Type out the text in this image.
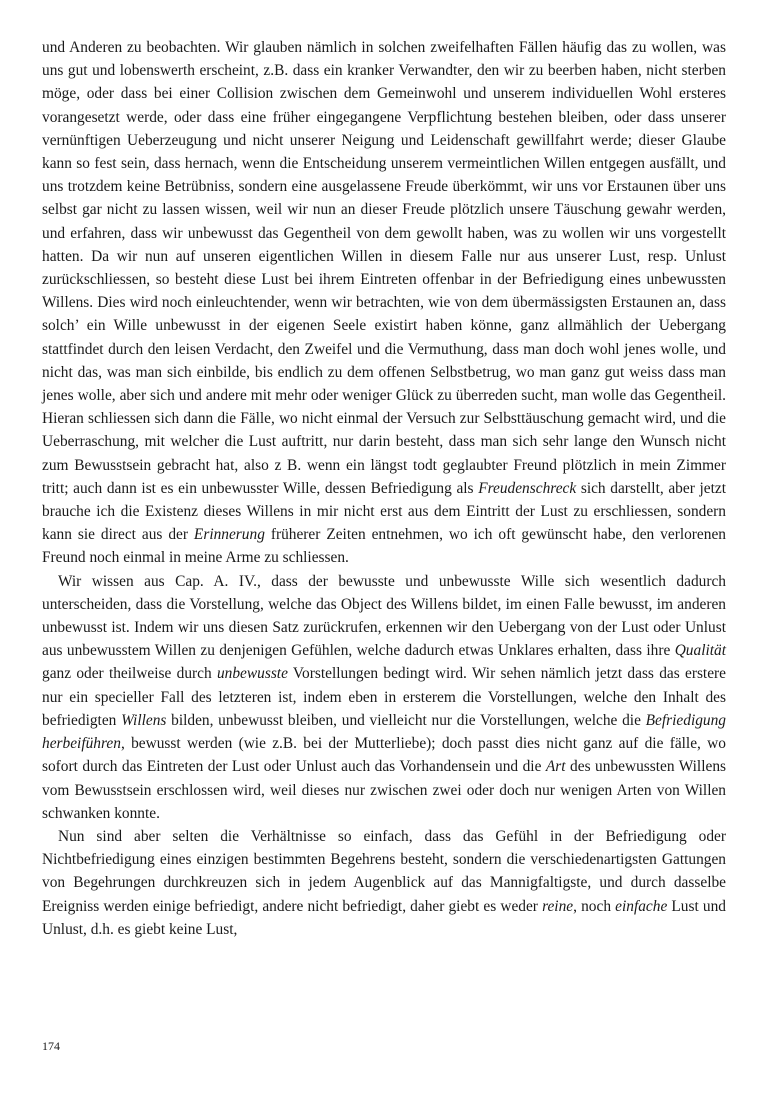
und Anderen zu beobachten. Wir glauben nämlich in solchen zweifelhaften Fällen häufig das zu wollen, was uns gut und lobenswerth erscheint, z.B. dass ein kranker Verwandter, den wir zu beerben haben, nicht sterben möge, oder dass bei einer Collision zwischen dem Gemeinwohl und unserem individuellen Wohl ersteres vorangesetzt werde, oder dass eine früher eingegangene Verpflichtung bestehen bleiben, oder dass unserer vernünftigen Ueberzeugung und nicht unserer Neigung und Leidenschaft gewillfahrt werde; dieser Glaube kann so fest sein, dass hernach, wenn die Entscheidung unserem vermeintlichen Willen entgegen ausfällt, und uns trotzdem keine Betrübniss, sondern eine ausgelassene Freude überkömmt, wir uns vor Erstaunen über uns selbst gar nicht zu lassen wissen, weil wir nun an dieser Freude plötzlich unsere Täuschung gewahr werden, und erfahren, dass wir unbewusst das Gegentheil von dem gewollt haben, was zu wollen wir uns vorgestellt hatten. Da wir nun auf unseren eigentlichen Willen in diesem Falle nur aus unserer Lust, resp. Unlust zurückschliessen, so besteht diese Lust bei ihrem Eintreten offenbar in der Befriedigung eines unbewussten Willens. Dies wird noch einleuchtender, wenn wir betrachten, wie von dem übermässigsten Erstaunen an, dass solch’ ein Wille unbewusst in der eigenen Seele existirt haben könne, ganz allmählich der Uebergang stattfindet durch den leisen Verdacht, den Zweifel und die Vermuthung, dass man doch wohl jenes wolle, und nicht das, was man sich einbilde, bis endlich zu dem offenen Selbstbetrug, wo man ganz gut weiss dass man jenes wolle, aber sich und andere mit mehr oder weniger Glück zu überreden sucht, man wolle das Gegentheil. Hieran schliessen sich dann die Fälle, wo nicht einmal der Versuch zur Selbsttäuschung gemacht wird, und die Ueberraschung, mit welcher die Lust auftritt, nur darin besteht, dass man sich sehr lange den Wunsch nicht zum Bewusstsein gebracht hat, also z B. wenn ein längst todt geglaubter Freund plötzlich in mein Zimmer tritt; auch dann ist es ein unbewusster Wille, dessen Befriedigung als Freudenschreck sich darstellt, aber jetzt brauche ich die Existenz dieses Willens in mir nicht erst aus dem Eintritt der Lust zu erschliessen, sondern kann sie direct aus der Erinnerung früherer Zeiten entnehmen, wo ich oft gewünscht habe, den verlorenen Freund noch einmal in meine Arme zu schliessen.

Wir wissen aus Cap. A. IV., dass der bewusste und unbewusste Wille sich wesentlich dadurch unterscheiden, dass die Vorstellung, welche das Object des Willens bildet, im einen Falle bewusst, im anderen unbewusst ist. Indem wir uns diesen Satz zurückrufen, erkennen wir den Uebergang von der Lust oder Unlust aus unbewusstem Willen zu denjenigen Gefühlen, welche dadurch etwas Unklares erhalten, dass ihre Qualität ganz oder theilweise durch unbewusste Vorstellungen bedingt wird. Wir sehen nämlich jetzt dass das erstere nur ein specieller Fall des letzteren ist, indem eben in ersterem die Vorstellungen, welche den Inhalt des befriedigten Willens bilden, unbewusst bleiben, und vielleicht nur die Vorstellungen, welche die Befriedigung herbeiführen, bewusst werden (wie z.B. bei der Mutterliebe); doch passt dies nicht ganz auf die fälle, wo sofort durch das Eintreten der Lust oder Unlust auch das Vorhandensein und die Art des unbewussten Willens vom Bewusstsein erschlossen wird, weil dieses nur zwischen zwei oder doch nur wenigen Arten von Willen schwanken konnte.

Nun sind aber selten die Verhältnisse so einfach, dass das Gefühl in der Befriedigung oder Nichtbefriedigung eines einzigen bestimmten Begehrens besteht, sondern die verschiedenartigsten Gattungen von Begehrungen durchkreuzen sich in jedem Augenblick auf das Mannigfaltigste, und durch dasselbe Ereigniss werden einige befriedigt, andere nicht befriedigt, daher giebt es weder reine, noch einfache Lust und Unlust, d.h. es giebt keine Lust,

174
